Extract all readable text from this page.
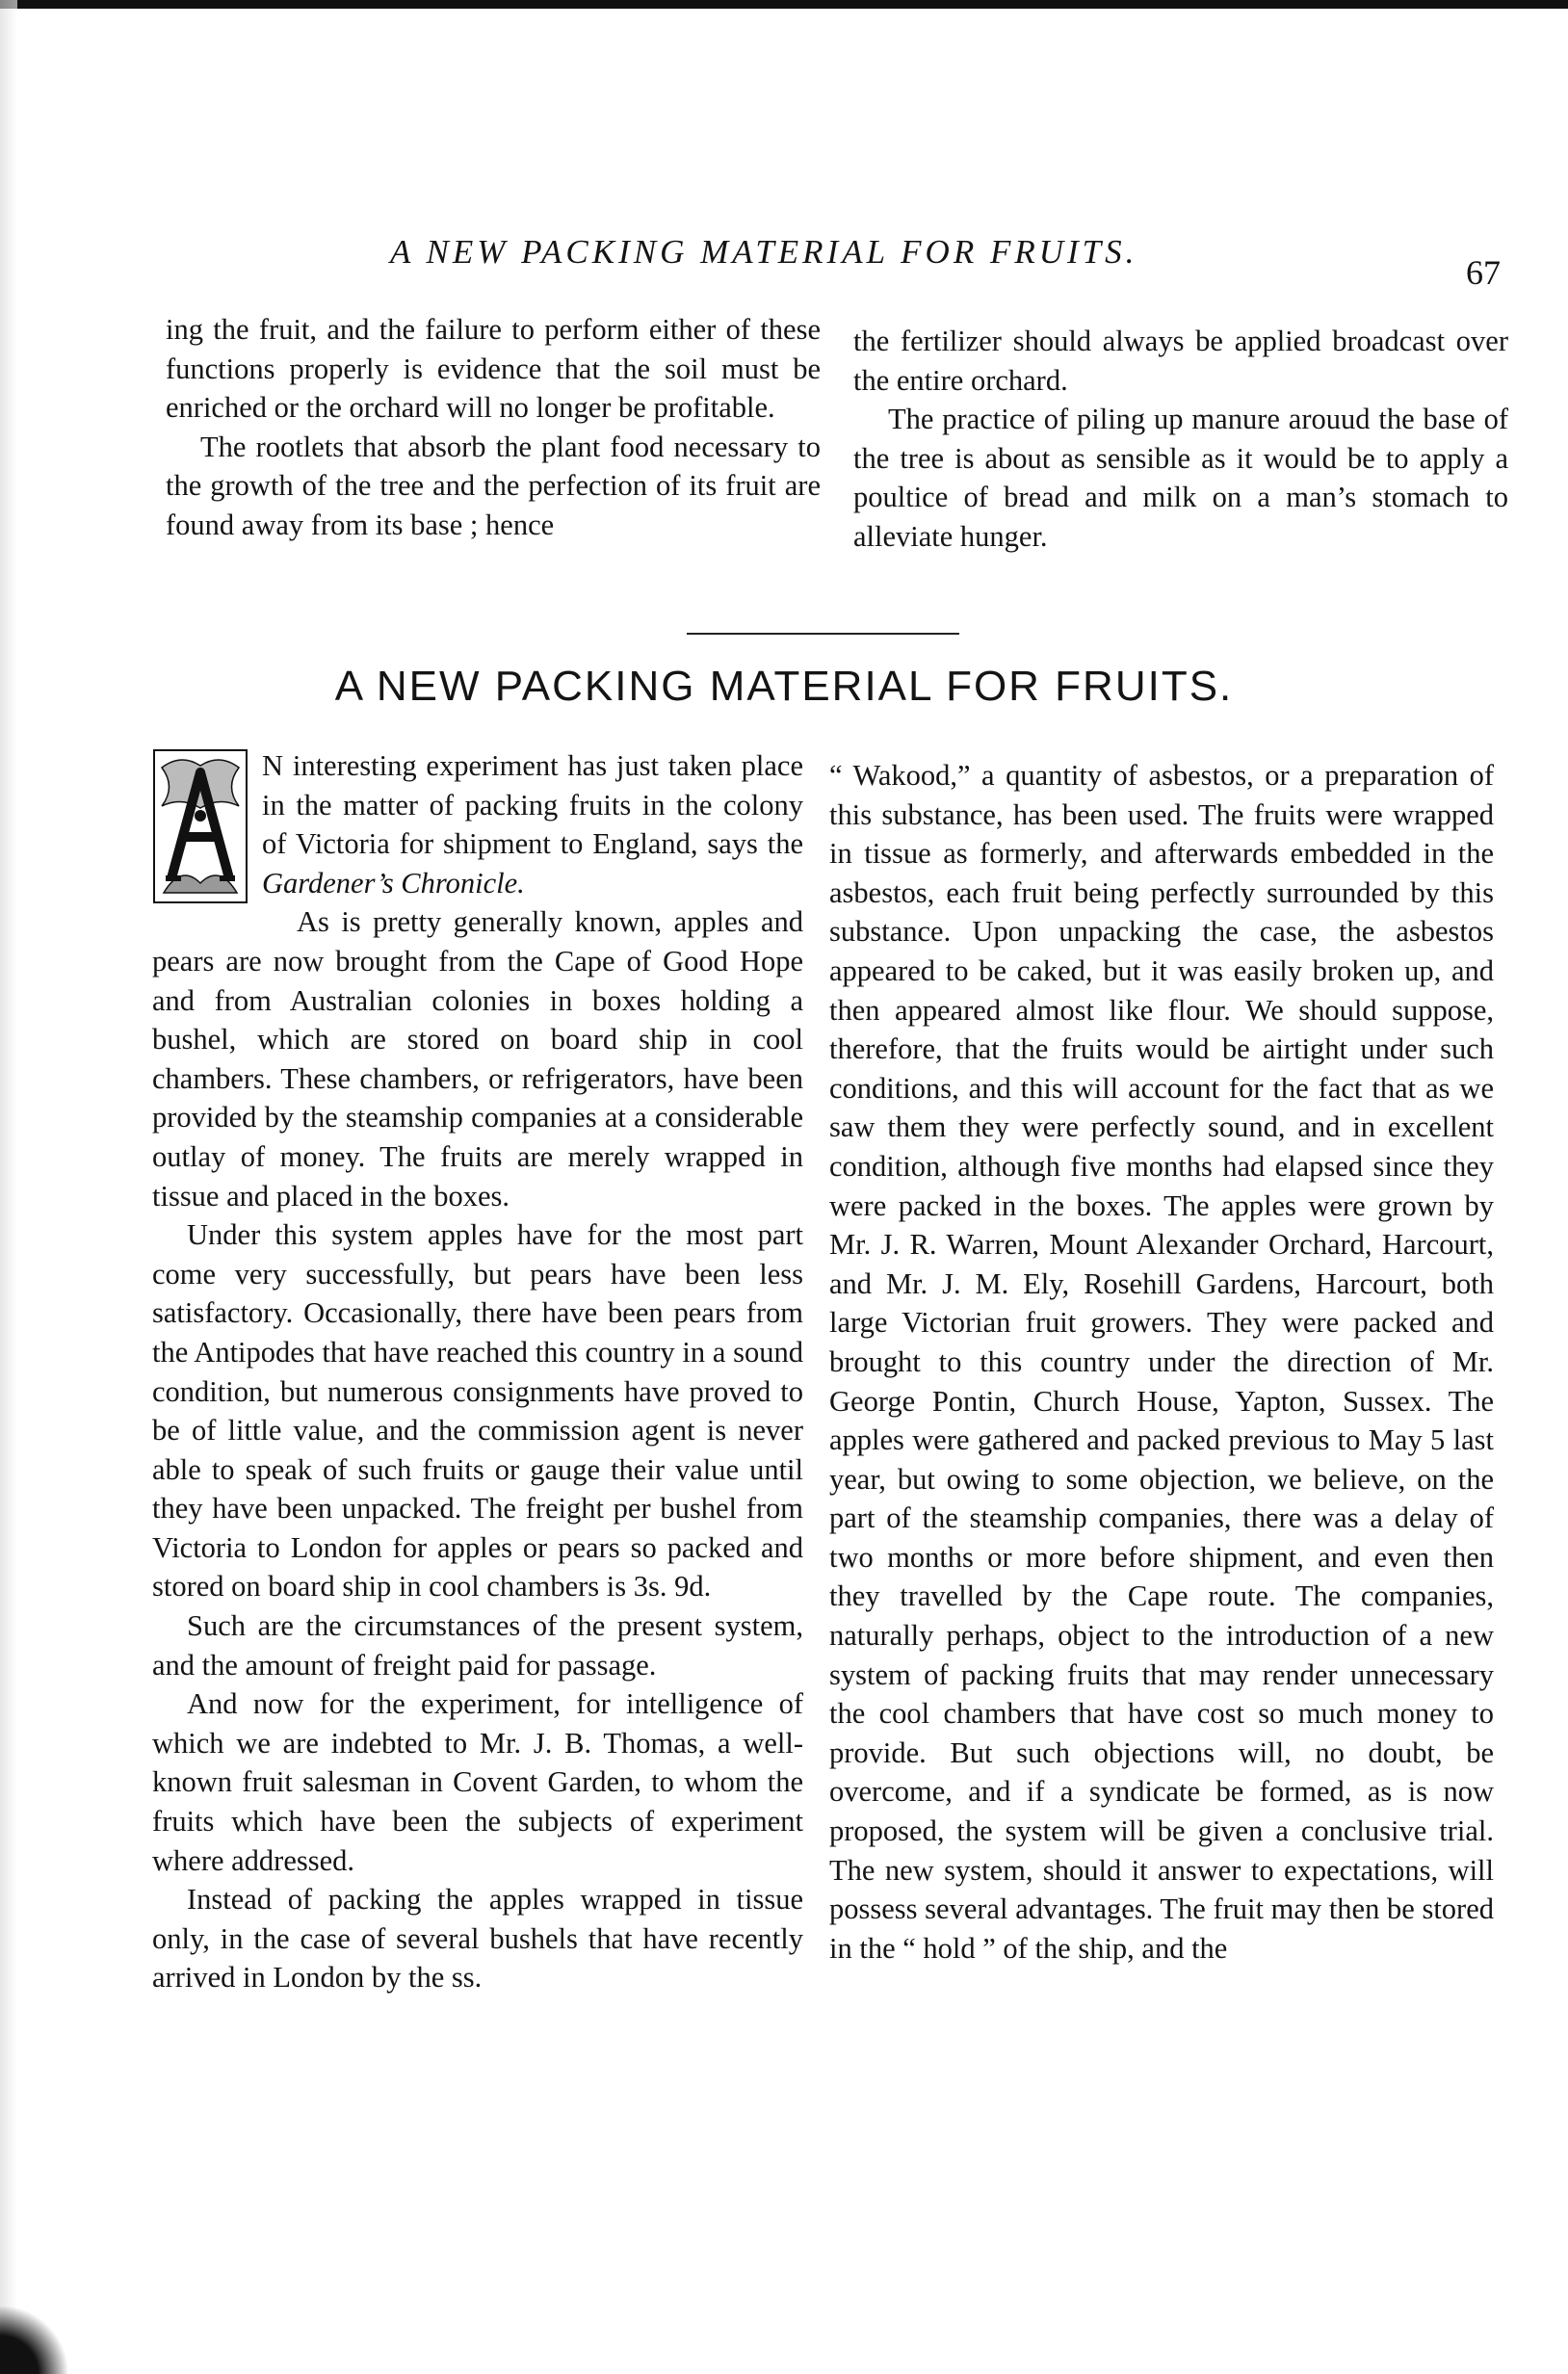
A NEW PACKING MATERIAL FOR FRUITS.
67

ing the fruit, and the failure to perform either of these functions properly is evidence that the soil must be enriched or the orchard will no longer be profitable.

The rootlets that absorb the plant food necessary to the growth of the tree and the perfection of its fruit are found away from its base ; hence

the fertilizer should always be applied broadcast over the entire orchard.

The practice of piling up manure arouud the base of the tree is about as sensible as it would be to apply a poultice of bread and milk on a man’s stomach to alleviate hunger.

A NEW PACKING MATERIAL FOR FRUITS.

N interesting experiment has just taken place in the matter of packing fruits in the colony of Victoria for shipment to England, says the Gardener’s Chronicle.

As is pretty generally known, apples and pears are now brought from the Cape of Good Hope and from Australian colonies in boxes holding a bushel, which are stored on board ship in cool chambers. These chambers, or refrigerators, have been provided by the steamship companies at a considerable outlay of money. The fruits are merely wrapped in tissue and placed in the boxes.

Under this system apples have for the most part come very successfully, but pears have been less satisfactory. Occasionally, there have been pears from the Antipodes that have reached this country in a sound condition, but numerous consignments have proved to be of little value, and the commission agent is never able to speak of such fruits or gauge their value until they have been unpacked. The freight per bushel from Victoria to London for apples or pears so packed and stored on board ship in cool chambers is 3s. 9d.

Such are the circumstances of the present system, and the amount of freight paid for passage.

And now for the experiment, for intelligence of which we are indebted to Mr. J. B. Thomas, a well-known fruit salesman in Covent Garden, to whom the fruits which have been the subjects of experiment where addressed.

Instead of packing the apples wrapped in tissue only, in the case of several bushels that have recently arrived in London by the ss.

“ Wakood,” a quantity of asbestos, or a preparation of this substance, has been used. The fruits were wrapped in tissue as formerly, and afterwards embedded in the asbestos, each fruit being perfectly surrounded by this substance. Upon unpacking the case, the asbestos appeared to be caked, but it was easily broken up, and then appeared almost like flour. We should suppose, therefore, that the fruits would be airtight under such conditions, and this will account for the fact that as we saw them they were perfectly sound, and in excellent condition, although five months had elapsed since they were packed in the boxes. The apples were grown by Mr. J. R. Warren, Mount Alexander Orchard, Harcourt, and Mr. J. M. Ely, Rosehill Gardens, Harcourt, both large Victorian fruit growers. They were packed and brought to this country under the direction of Mr. George Pontin, Church House, Yapton, Sussex. The apples were gathered and packed previous to May 5 last year, but owing to some objection, we believe, on the part of the steamship companies, there was a delay of two months or more before shipment, and even then they travelled by the Cape route. The companies, naturally perhaps, object to the introduction of a new system of packing fruits that may render unnecessary the cool chambers that have cost so much money to provide. But such objections will, no doubt, be overcome, and if a syndicate be formed, as is now proposed, the system will be given a conclusive trial. The new system, should it answer to expectations, will possess several advantages. The fruit may then be stored in the “ hold ” of the ship, and the
